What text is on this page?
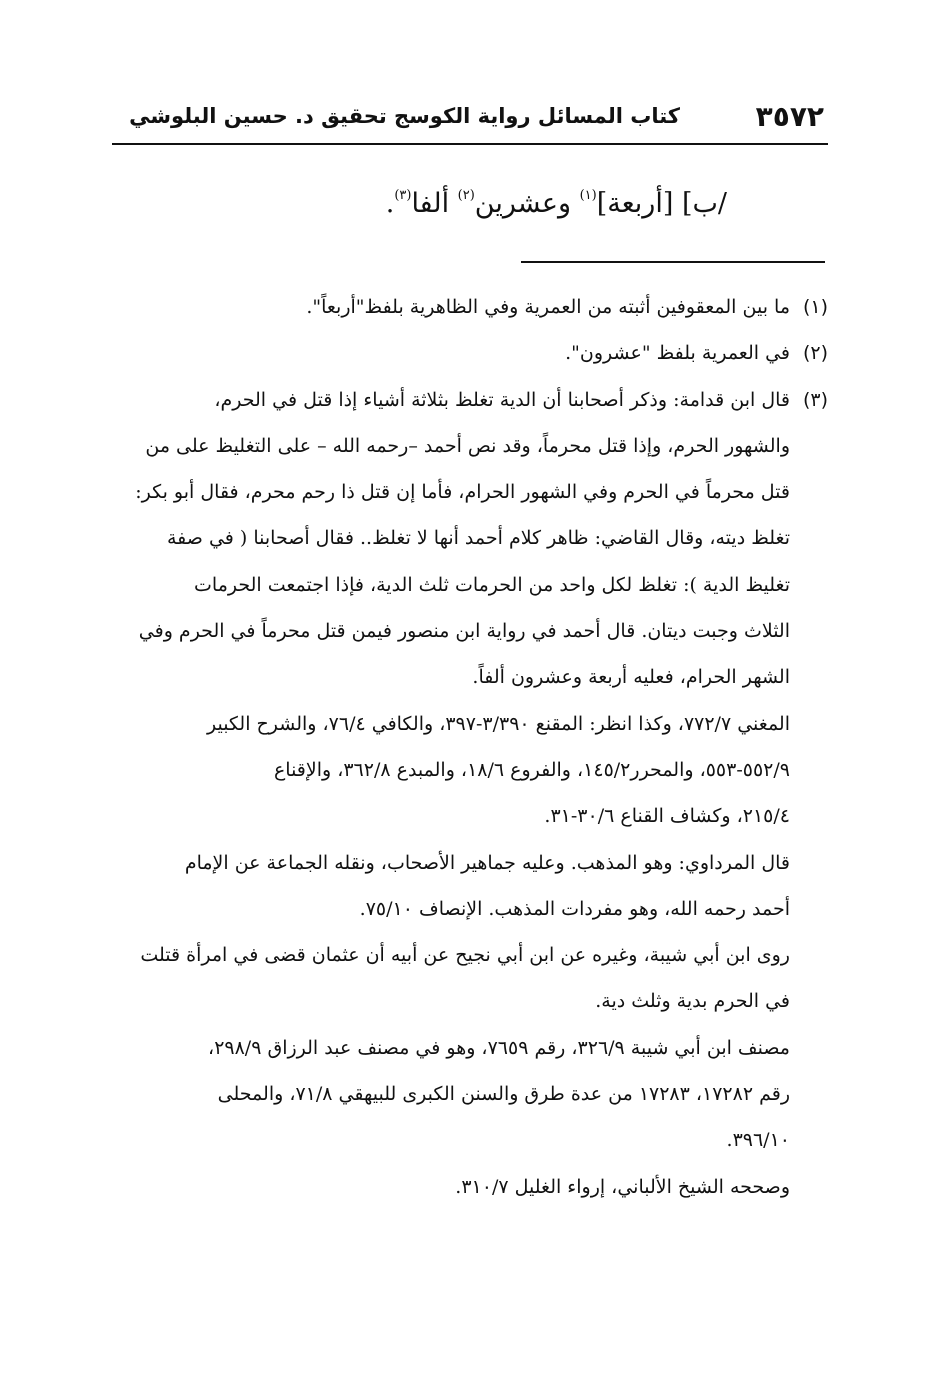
٣٥٧٢
كتاب المسائل رواية الكوسج تحقيق د. حسين البلوشي
/ب] [أربعة]$^{(١)}$ وعشرين$^{(٢)}$ ألفا$^{(٣)}$.
(١)ما بين المعقوفين أثبته من العمرية وفي الظاهرية بلفظ"أربعاً".
(٢)في العمرية بلفظ "عشرون".
(٣)قال ابن قدامة: وذكر أصحابنا أن الدية تغلظ بثلاثة أشياء إذا قتل في الحرم،
والشهور الحرم، وإذا قتل محرماً، وقد نص أحمد –رحمه الله – على التغليظ على من
قتل محرماً في الحرم وفي الشهور الحرام، فأما إن قتل ذا رحم محرم، فقال أبو بكر:
تغلظ ديته، وقال القاضي: ظاهر كلام أحمد أنها لا تغلظ.. فقال أصحابنا ( في صفة
تغليظ الدية ): تغلظ لكل واحد من الحرمات ثلث الدية، فإذا اجتمعت الحرمات
الثلاث وجبت ديتان. قال أحمد في رواية ابن منصور فيمن قتل محرماً في الحرم وفي
الشهر الحرام، فعليه أربعة وعشرون ألفاً.
المغني ٧٧٢/٧، وكذا انظر: المقنع ٣/٣٩٠-٣٩٧، والكافي ٧٦/٤، والشرح الكبير
٥٥٢/٩-٥٥٣، والمحرر١٤٥/٢، والفروع ١٨/٦، والمبدع ٣٦٢/٨، والإقناع
٢١٥/٤، وكشاف القناع ٣٠/٦-٣١.
قال المرداوي: وهو المذهب. وعليه جماهير الأصحاب، ونقله الجماعة عن الإمام
أحمد رحمه الله، وهو مفردات المذهب. الإنصاف ٧٥/١٠.
روى ابن أبي شيبة، وغيره عن ابن أبي نجيح عن أبيه أن عثمان قضى في امرأة قتلت
في الحرم بدية وثلث دية.
مصنف ابن أبي شيبة ٣٢٦/٩، رقم ٧٦٥٩، وهو في مصنف عبد الرزاق ٢٩٨/٩،
رقم ١٧٢٨٢، ١٧٢٨٣ من عدة طرق والسنن الكبرى للبيهقي ٧١/٨، والمحلى
٣٩٦/١٠.
وصححه الشيخ الألباني، إرواء الغليل ٣١٠/٧.
